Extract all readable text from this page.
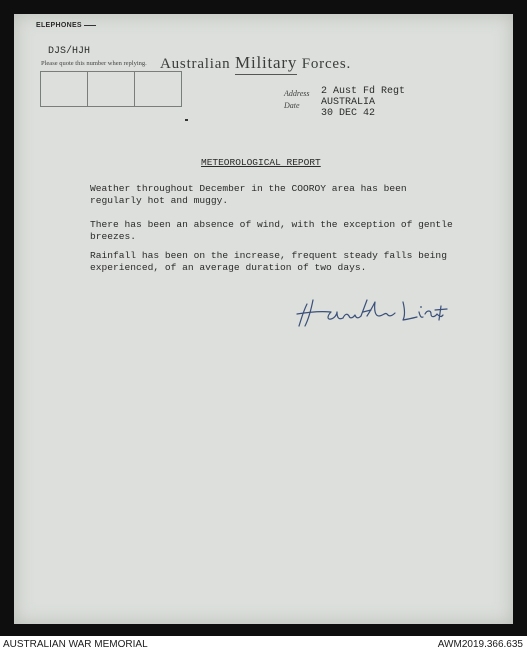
ELEPHONES
DJS/HJH
Please quote this number when replying. Australian Military Forces.
Address 2 Aust Fd Regt
Date AUSTRALIA
30 DEC 42
METEOROLOGICAL REPORT

Weather throughout December in the COOROY area has been regularly hot and muggy.

There has been an absence of wind, with the exception of gentle breezes.

Rainfall has been on the increase, frequent steady falls being experienced, of an average duration of two days.

AUSTRALIAN WAR MEMORIAL	AWM2019.366.635
